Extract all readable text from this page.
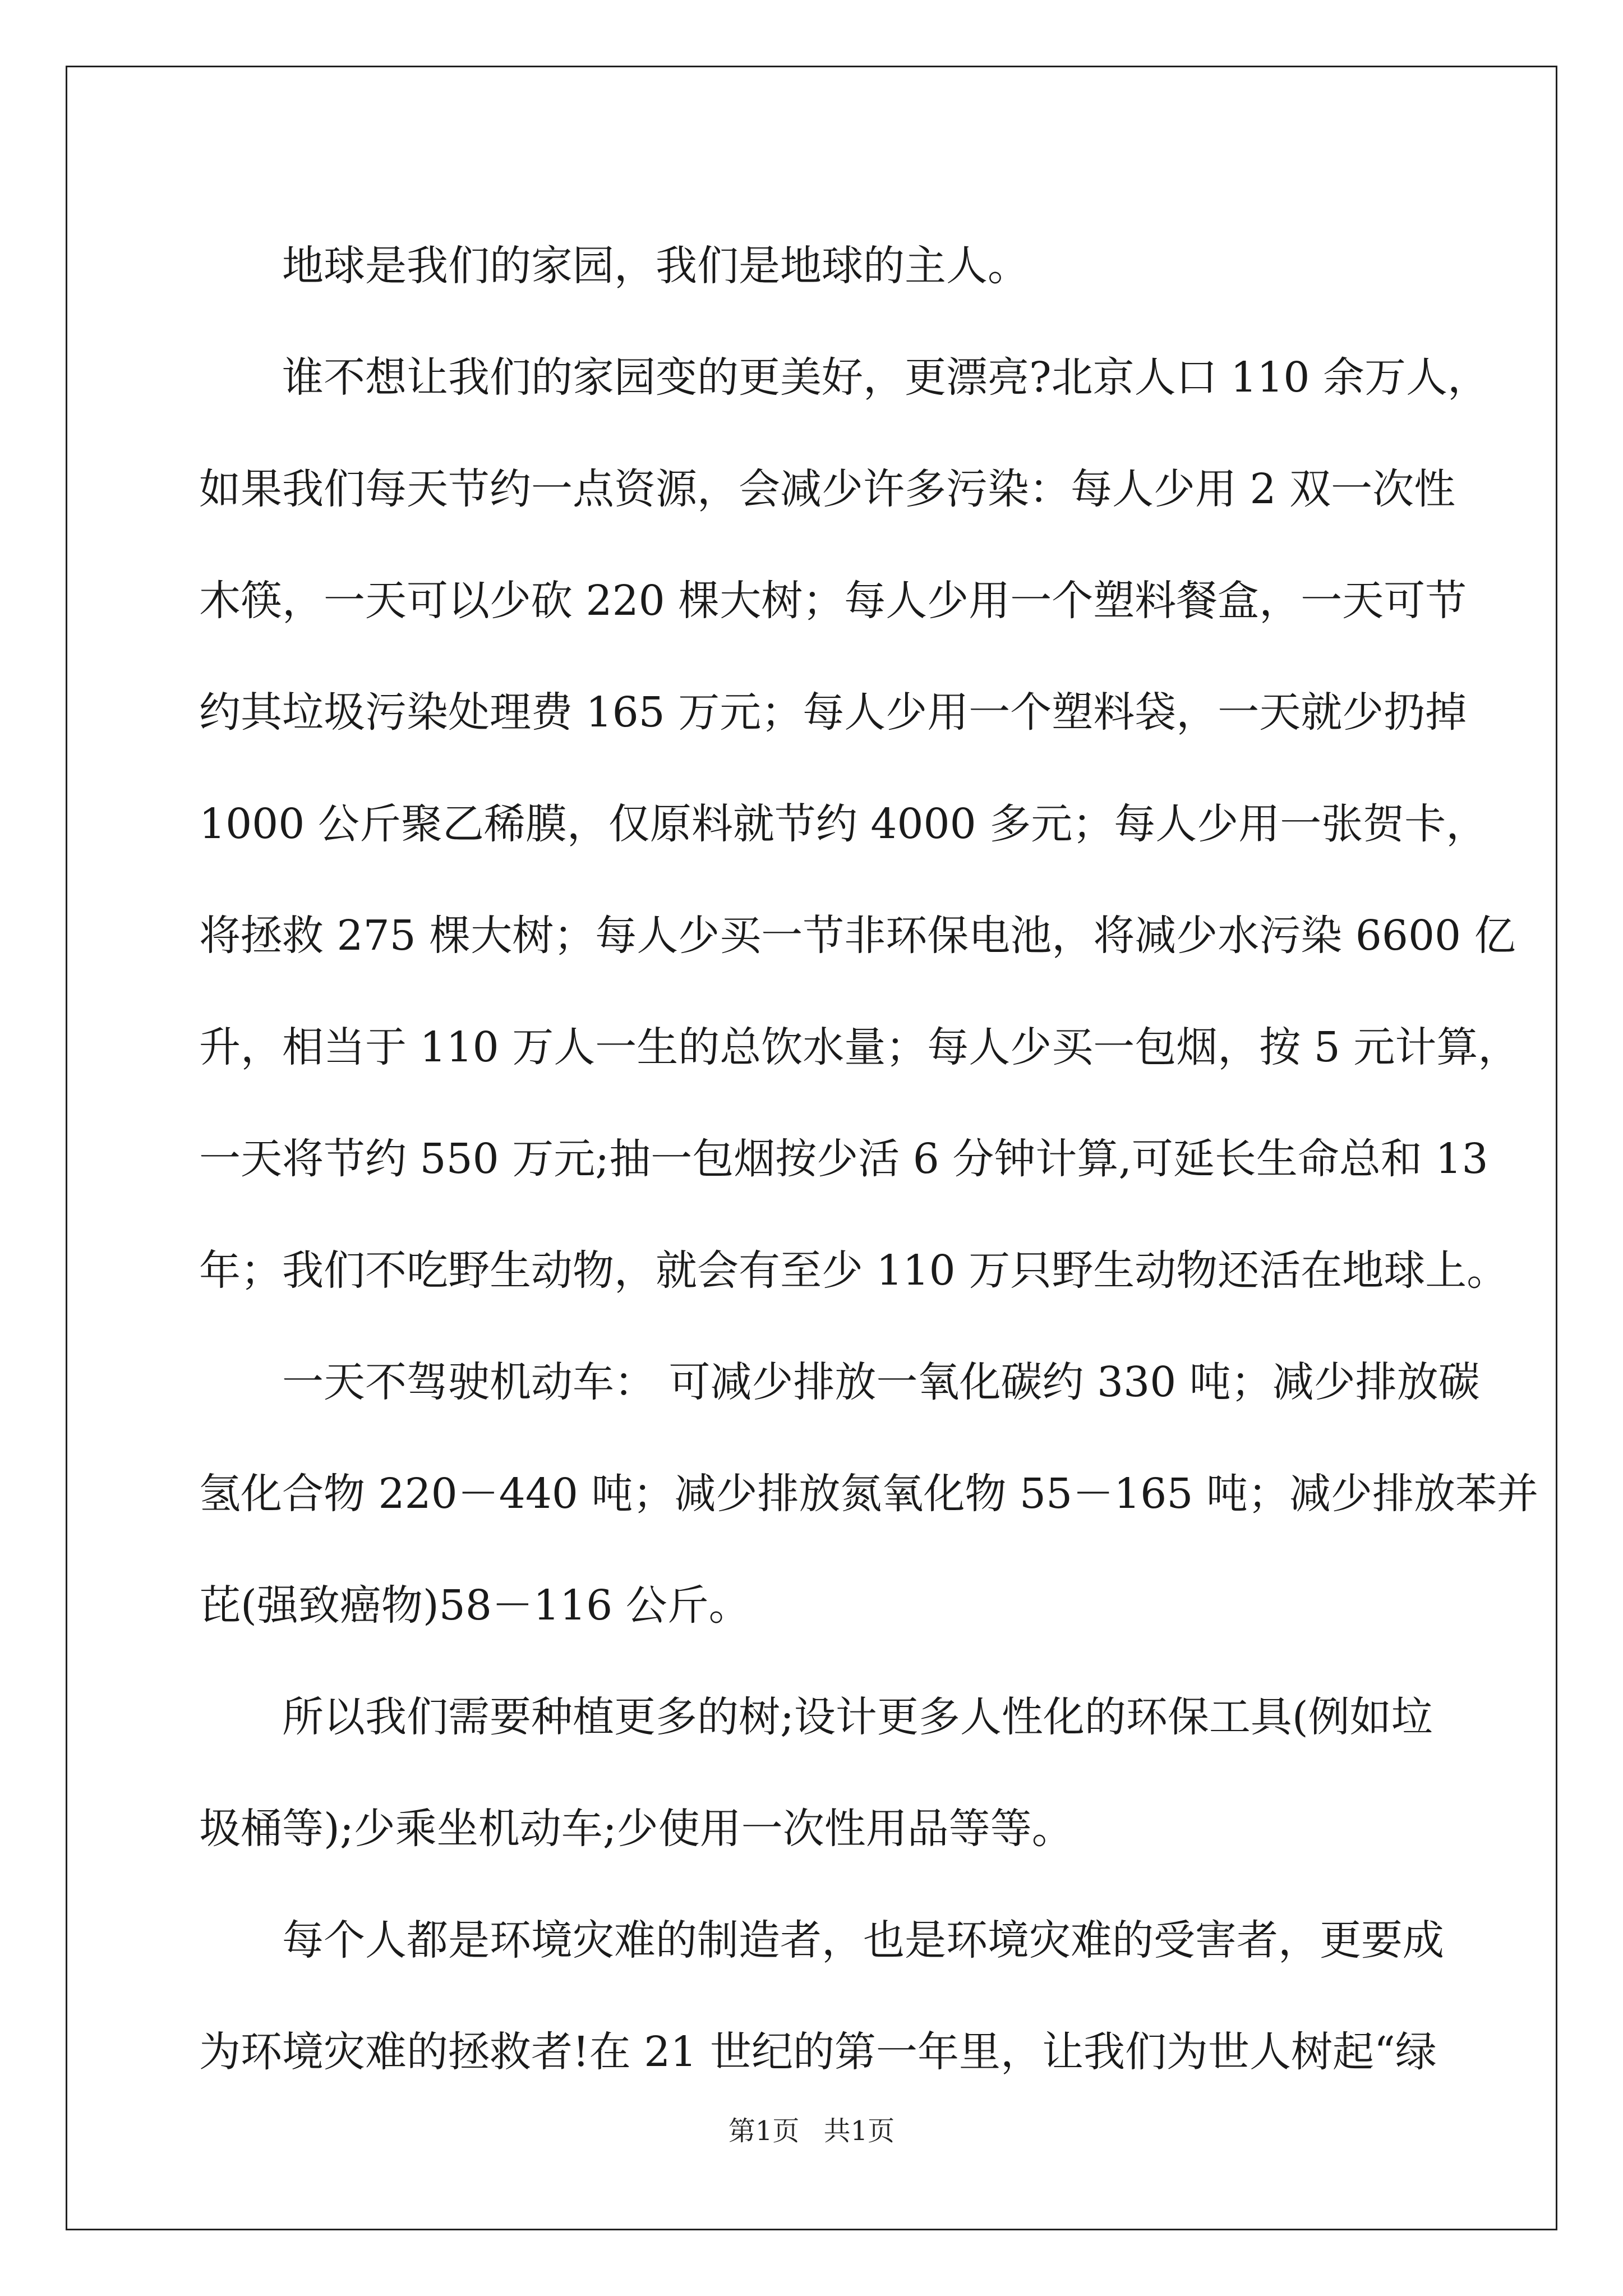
地球是我们的家园，我们是地球的主人。
谁不想让我们的家园变的更美好，更漂亮?北京人口 110 余万人，
如果我们每天节约一点资源，会减少许多污染：每人少用 2 双一次性
木筷，一天可以少砍 220 棵大树；每人少用一个塑料餐盒，一天可节
约其垃圾污染处理费 165 万元；每人少用一个塑料袋，一天就少扔掉
1000 公斤聚乙稀膜，仅原料就节约 4000 多元；每人少用一张贺卡，
将拯救 275 棵大树；每人少买一节非环保电池，将减少水污染 6600 亿
升，相当于 110 万人一生的总饮水量；每人少买一包烟，按 5 元计算，
一天将节约 550 万元;抽一包烟按少活 6 分钟计算,可延长生命总和 13
年；我们不吃野生动物，就会有至少 110 万只野生动物还活在地球上。
一天不驾驶机动车： 可减少排放一氧化碳约 330 吨；减少排放碳
氢化合物 220－440 吨；减少排放氮氧化物 55－165 吨；减少排放苯并
芘(强致癌物)58－116 公斤。
所以我们需要种植更多的树;设计更多人性化的环保工具(例如垃
圾桶等);少乘坐机动车;少使用一次性用品等等。
每个人都是环境灾难的制造者，也是环境灾难的受害者，更要成
为环境灾难的拯救者!在 21 世纪的第一年里，让我们为世人树起“绿
第1页 共1页
